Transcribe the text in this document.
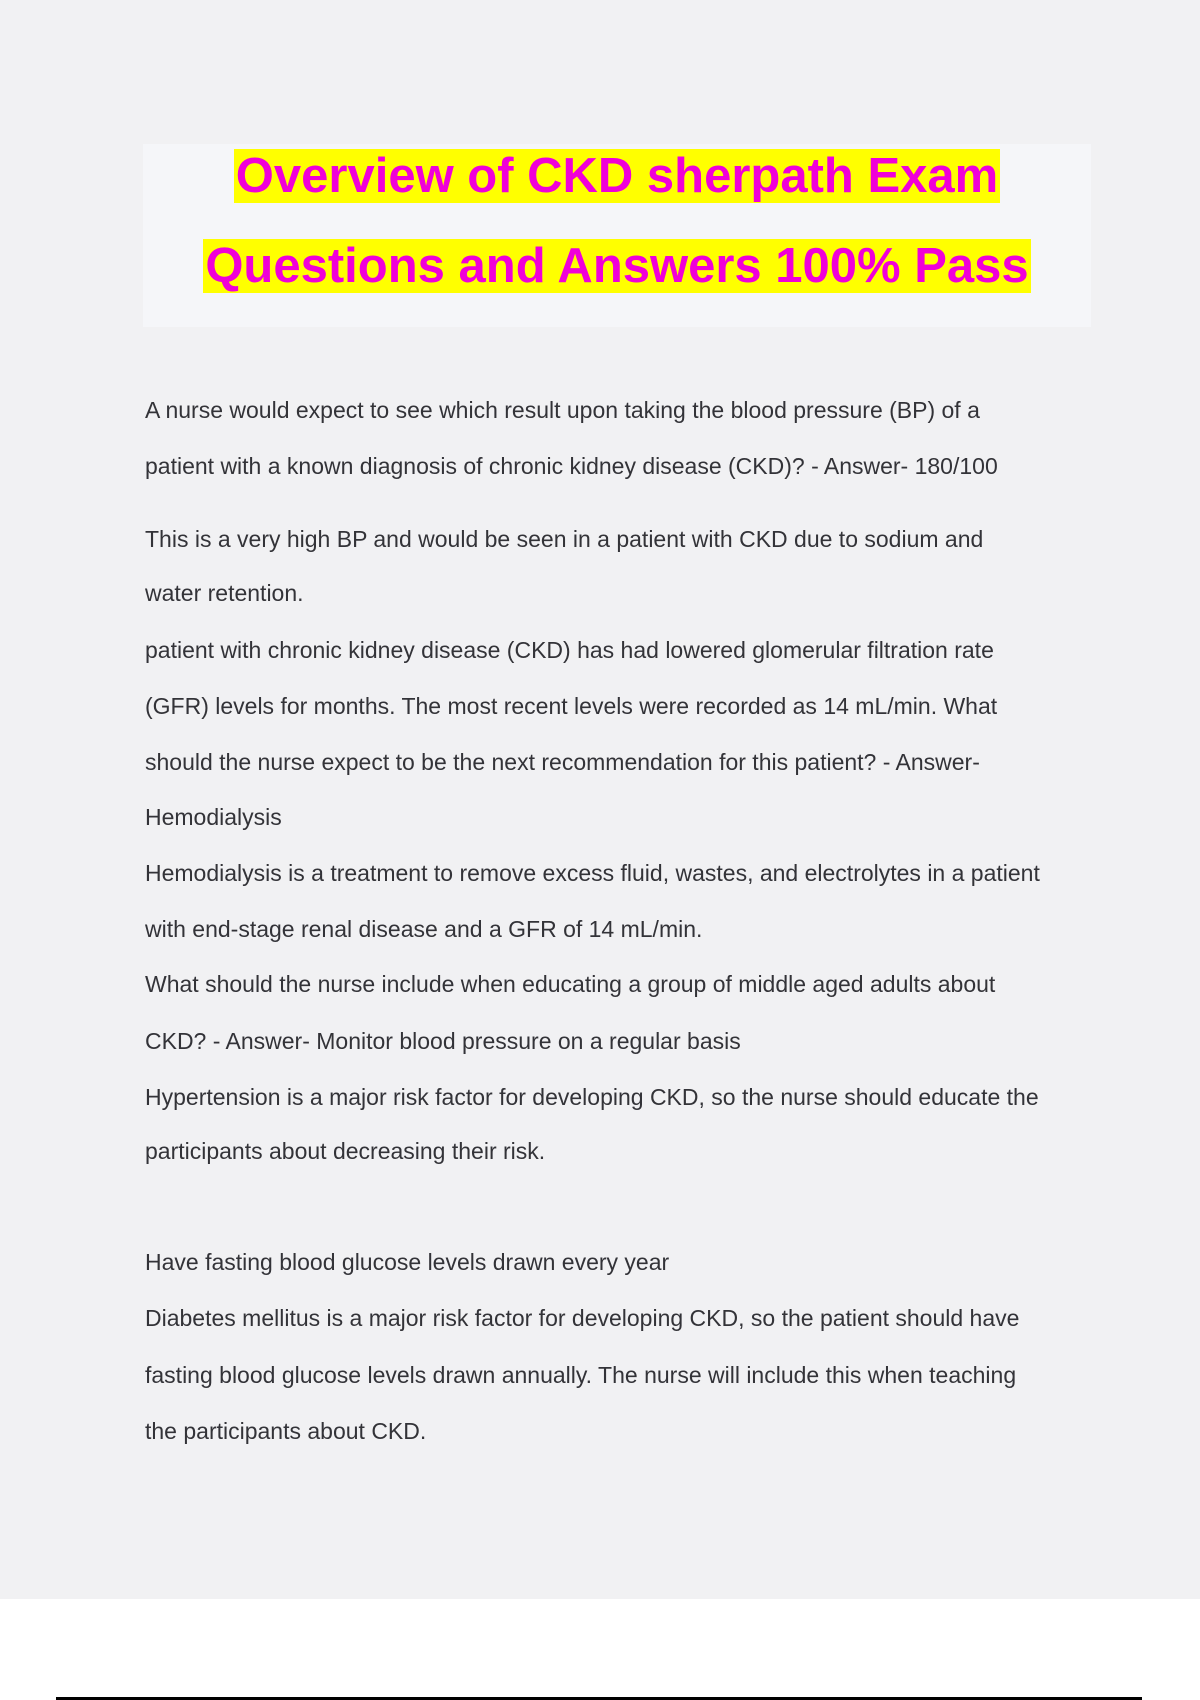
Overview of CKD sherpath Exam
Questions and Answers 100% Pass
A nurse would expect to see which result upon taking the blood pressure (BP) of a
patient with a known diagnosis of chronic kidney disease (CKD)? - Answer- 180/100
This is a very high BP and would be seen in a patient with CKD due to sodium and
water retention.
patient with chronic kidney disease (CKD) has had lowered glomerular filtration rate
(GFR) levels for months. The most recent levels were recorded as 14 mL/min. What
should the nurse expect to be the next recommendation for this patient? - Answer-
Hemodialysis
Hemodialysis is a treatment to remove excess fluid, wastes, and electrolytes in a patient
with end-stage renal disease and a GFR of 14 mL/min.
What should the nurse include when educating a group of middle aged adults about
CKD? - Answer- Monitor blood pressure on a regular basis
Hypertension is a major risk factor for developing CKD, so the nurse should educate the
participants about decreasing their risk.
Have fasting blood glucose levels drawn every year
Diabetes mellitus is a major risk factor for developing CKD, so the patient should have
fasting blood glucose levels drawn annually. The nurse will include this when teaching
the participants about CKD.
